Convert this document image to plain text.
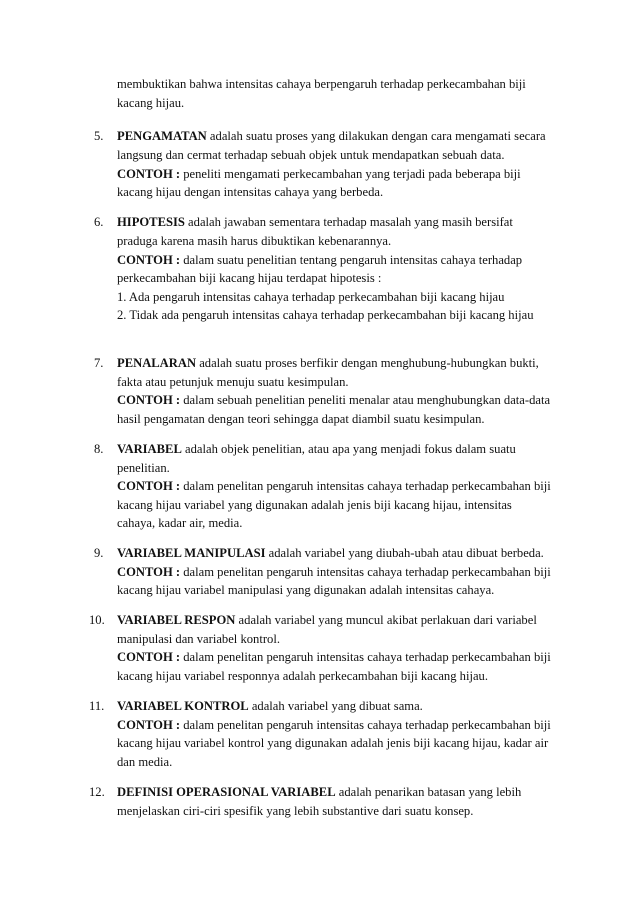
membuktikan bahwa intensitas cahaya berpengaruh terhadap perkecambahan biji
kacang hijau.
5. PENGAMATAN adalah suatu proses yang dilakukan dengan cara mengamati secara
langsung dan cermat terhadap sebuah objek untuk mendapatkan sebuah data.
CONTOH : peneliti mengamati perkecambahan yang terjadi pada beberapa biji
kacang hijau dengan intensitas cahaya yang berbeda.
6. HIPOTESIS adalah jawaban sementara terhadap masalah yang masih bersifat
praduga karena masih harus dibuktikan kebenarannya.
CONTOH : dalam suatu penelitian tentang pengaruh intensitas cahaya terhadap
perkecambahan biji kacang hijau terdapat hipotesis :
1. Ada pengaruh intensitas cahaya terhadap perkecambahan biji kacang hijau
2. Tidak ada pengaruh intensitas cahaya terhadap perkecambahan biji kacang hijau
7. PENALARAN adalah suatu proses berfikir dengan menghubung-hubungkan bukti,
fakta atau petunjuk menuju suatu kesimpulan.
CONTOH : dalam sebuah penelitian peneliti menalar atau menghubungkan data-data
hasil pengamatan dengan teori sehingga dapat diambil suatu kesimpulan.
8. VARIABEL adalah objek penelitian, atau apa yang menjadi fokus dalam suatu
penelitian.
CONTOH : dalam penelitan pengaruh intensitas cahaya terhadap perkecambahan biji
kacang hijau variabel yang digunakan adalah jenis biji kacang hijau, intensitas
cahaya, kadar air, media.
9. VARIABEL MANIPULASI adalah variabel yang diubah-ubah atau dibuat berbeda.
CONTOH : dalam penelitan pengaruh intensitas cahaya terhadap perkecambahan biji
kacang hijau variabel manipulasi yang digunakan adalah intensitas cahaya.
10. VARIABEL RESPON adalah variabel yang muncul akibat perlakuan dari variabel
manipulasi dan variabel kontrol.
CONTOH : dalam penelitan pengaruh intensitas cahaya terhadap perkecambahan biji
kacang hijau variabel responnya adalah perkecambahan biji kacang hijau.
11. VARIABEL KONTROL adalah variabel yang dibuat sama.
CONTOH : dalam penelitan pengaruh intensitas cahaya terhadap perkecambahan biji
kacang hijau variabel kontrol yang digunakan adalah jenis biji kacang hijau, kadar air
dan media.
12. DEFINISI OPERASIONAL VARIABEL adalah penarikan batasan yang lebih
menjelaskan ciri-ciri spesifik yang lebih substantive dari suatu konsep.
